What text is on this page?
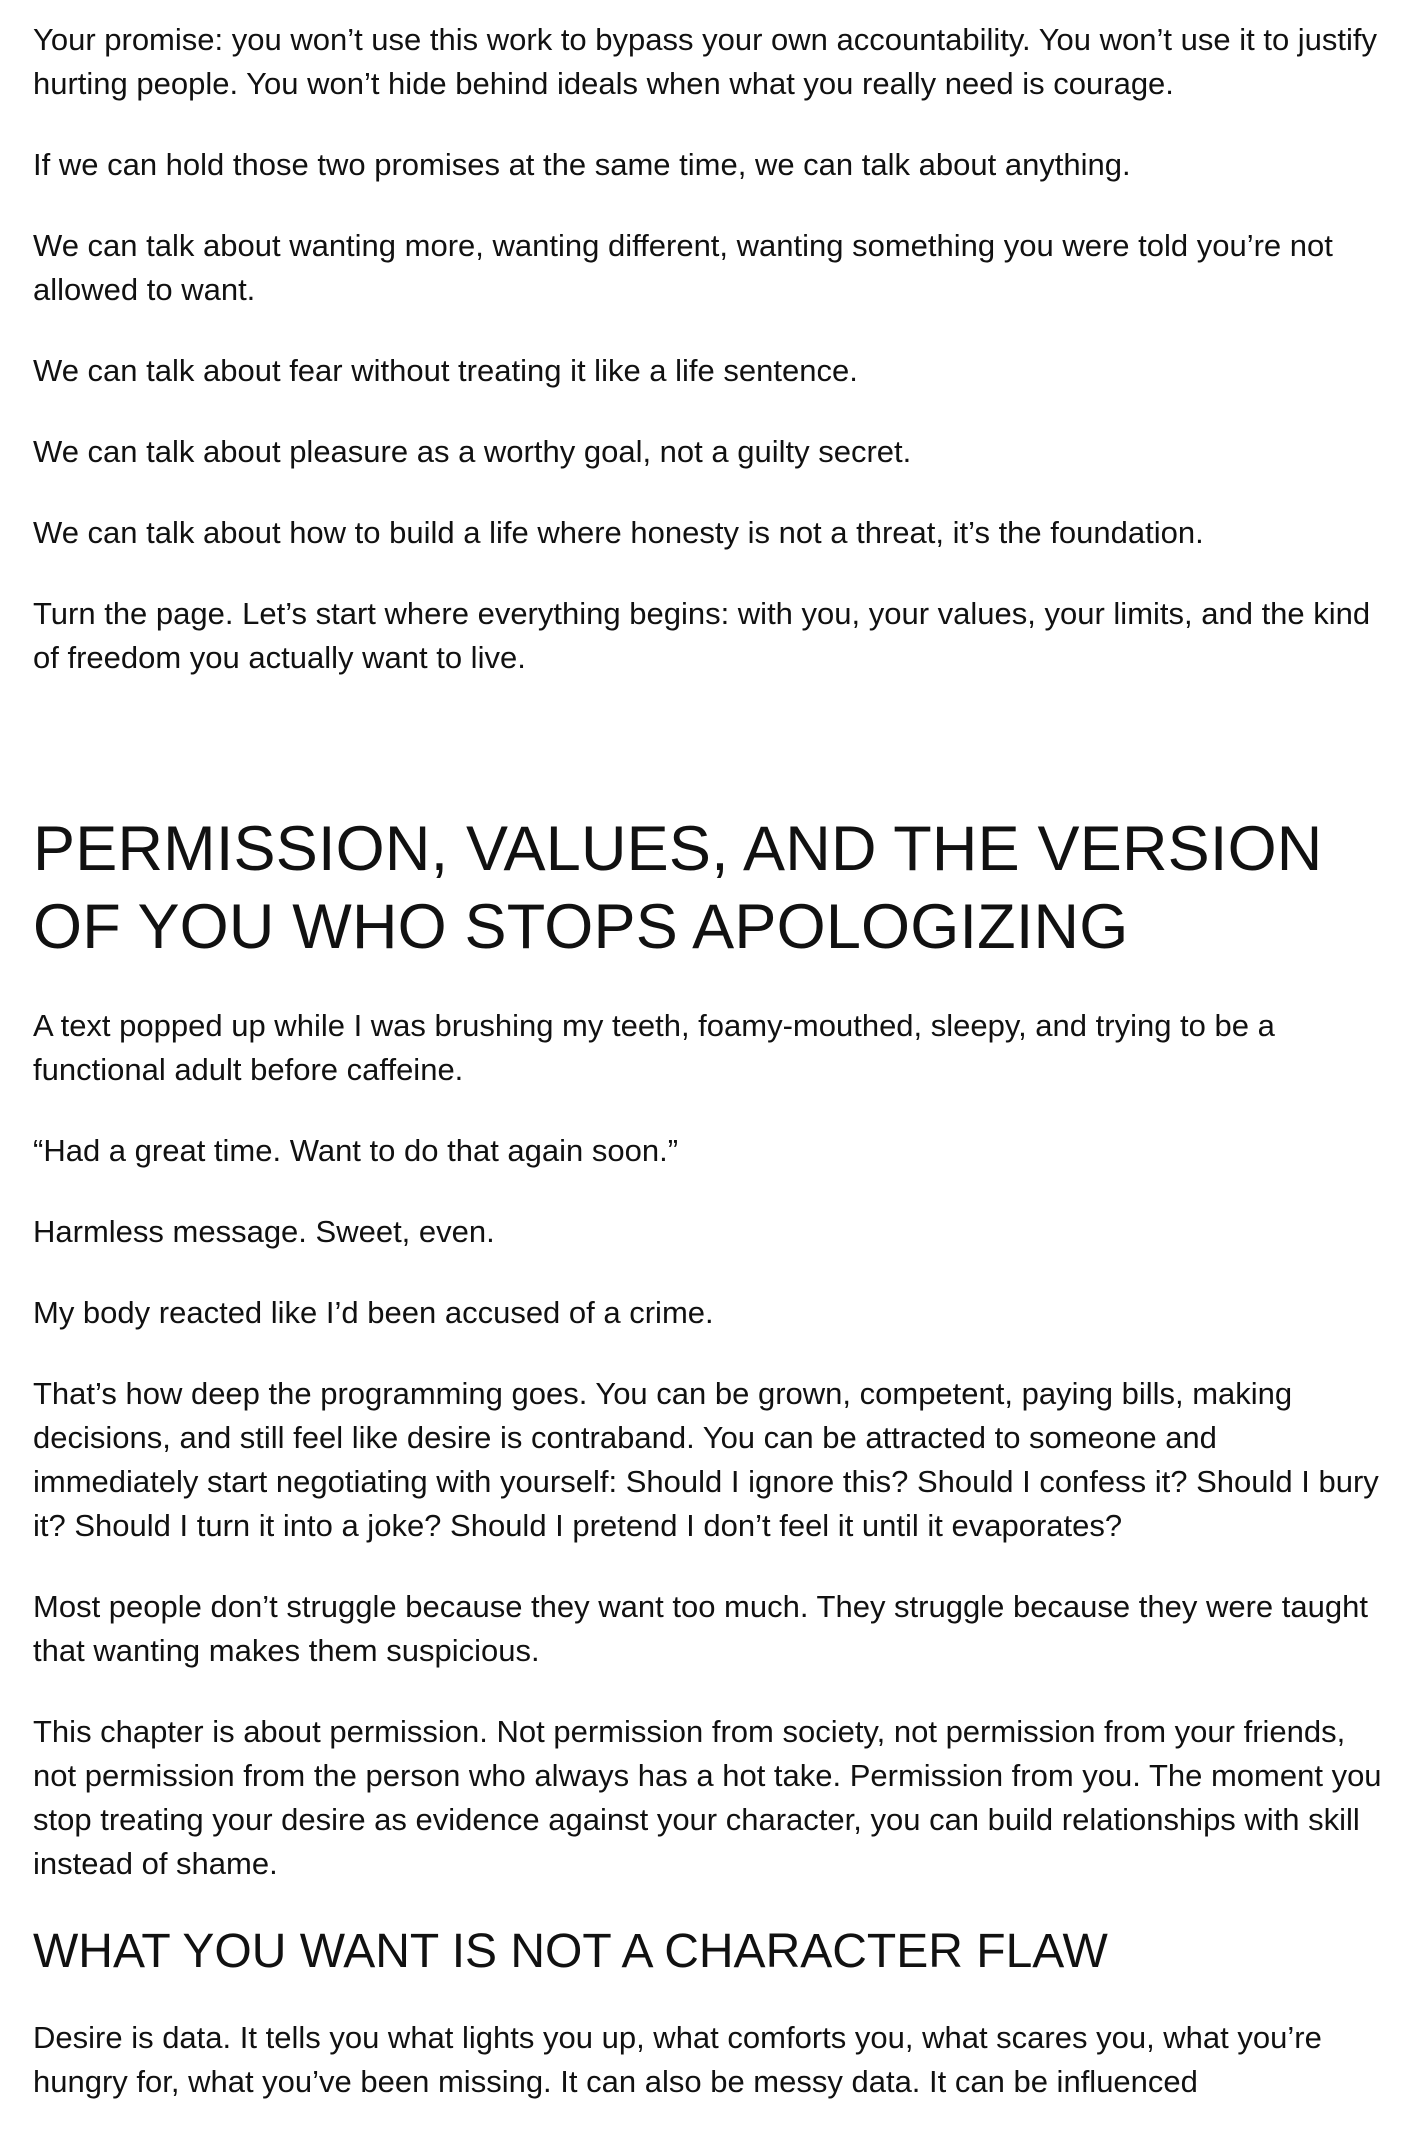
Your promise: you won’t use this work to bypass your own accountability. You won’t use it to justify hurting people. You won’t hide behind ideals when what you really need is courage.

If we can hold those two promises at the same time, we can talk about anything.

We can talk about wanting more, wanting different, wanting something you were told you’re not allowed to want.

We can talk about fear without treating it like a life sentence.

We can talk about pleasure as a worthy goal, not a guilty secret.

We can talk about how to build a life where honesty is not a threat, it’s the foundation.

Turn the page. Let’s start where everything begins: with you, your values, your limits, and the kind of freedom you actually want to live.

PERMISSION, VALUES, AND THE VERSION OF YOU WHO STOPS APOLOGIZING

A text popped up while I was brushing my teeth, foamy-mouthed, sleepy, and trying to be a functional adult before caffeine.

“Had a great time. Want to do that again soon.”

Harmless message. Sweet, even.

My body reacted like I’d been accused of a crime.

That’s how deep the programming goes. You can be grown, competent, paying bills, making decisions, and still feel like desire is contraband. You can be attracted to someone and immediately start negotiating with yourself: Should I ignore this? Should I confess it? Should I bury it? Should I turn it into a joke? Should I pretend I don’t feel it until it evaporates?

Most people don’t struggle because they want too much. They struggle because they were taught that wanting makes them suspicious.

This chapter is about permission. Not permission from society, not permission from your friends, not permission from the person who always has a hot take. Permission from you. The moment you stop treating your desire as evidence against your character, you can build relationships with skill instead of shame.

WHAT YOU WANT IS NOT A CHARACTER FLAW

Desire is data. It tells you what lights you up, what comforts you, what scares you, what you’re hungry for, what you’ve been missing. It can also be messy data. It can be influenced
